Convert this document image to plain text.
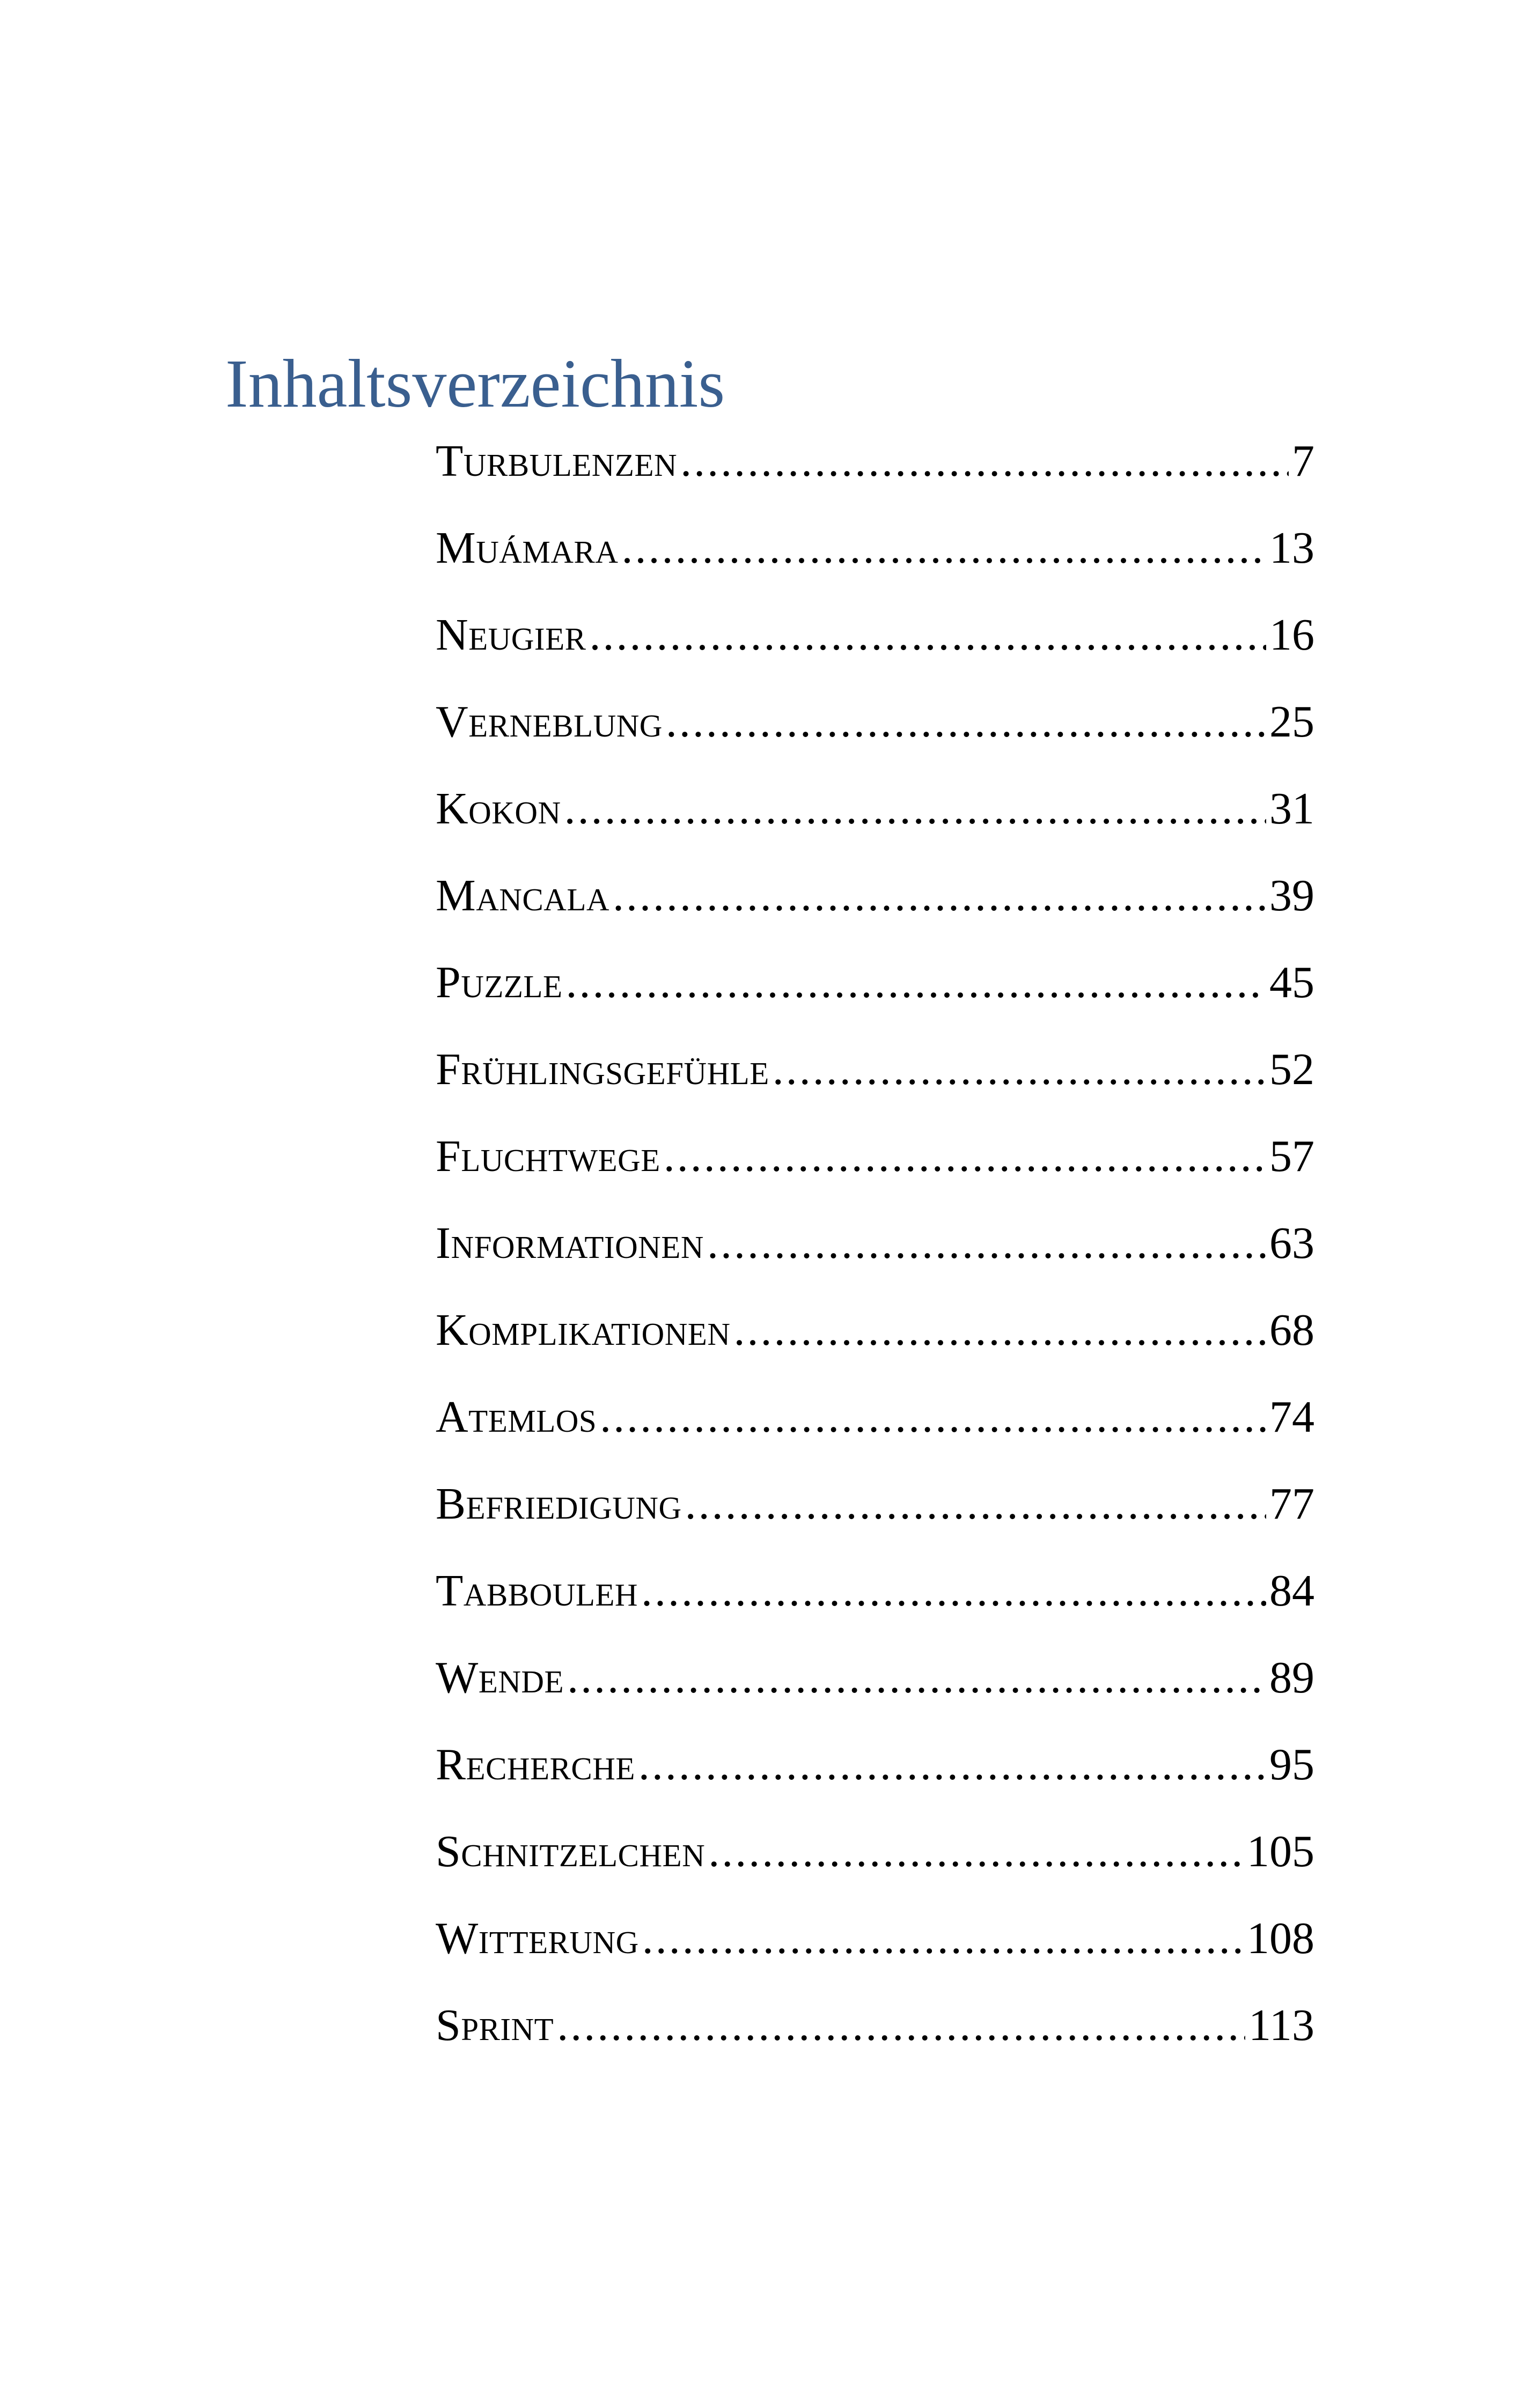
Inhaltsverzeichnis
Turbulenzen .....	7
Muámara .....	13
Neugier .....	16
Verneblung .....	25
Kokon .....	31
Mancala .....	39
Puzzle .....	45
Frühlingsgefühle .....	52
Fluchtwege .....	57
Informationen .....	63
Komplikationen .....	68
Atemlos .....	74
Befriedigung .....	77
Tabbouleh .....	84
Wende .....	89
Recherche .....	95
Schnitzelchen .....	105
Witterung .....	108
Sprint .....	113
